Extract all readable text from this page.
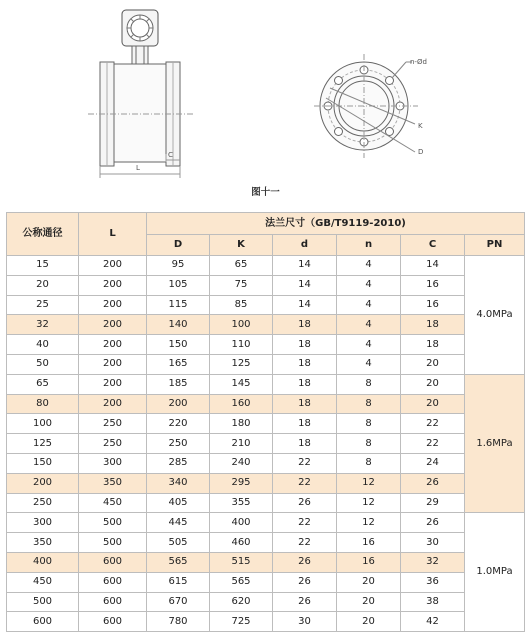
L
C
n-Ød
K
D
图十一
公称通径	L	法兰尺寸（GB/T9119-2010)					
		D	K	d	n	C	PN
15	200	95	65	14	4	14	4.0MPa
20	200	105	75	14	4	16	
25	200	115	85	14	4	16	
32	200	140	100	18	4	18	
40	200	150	110	18	4	18	
50	200	165	125	18	4	20	
65	200	185	145	18	8	20	1.6MPa
80	200	200	160	18	8	20	
100	250	220	180	18	8	22	
125	250	250	210	18	8	22	
150	300	285	240	22	8	24	
200	350	340	295	22	12	26	
250	450	405	355	26	12	29	
300	500	445	400	22	12	26	1.0MPa
350	500	505	460	22	16	30	
400	600	565	515	26	16	32	
450	600	615	565	26	20	36	
500	600	670	620	26	20	38	
600	600	780	725	30	20	42	
